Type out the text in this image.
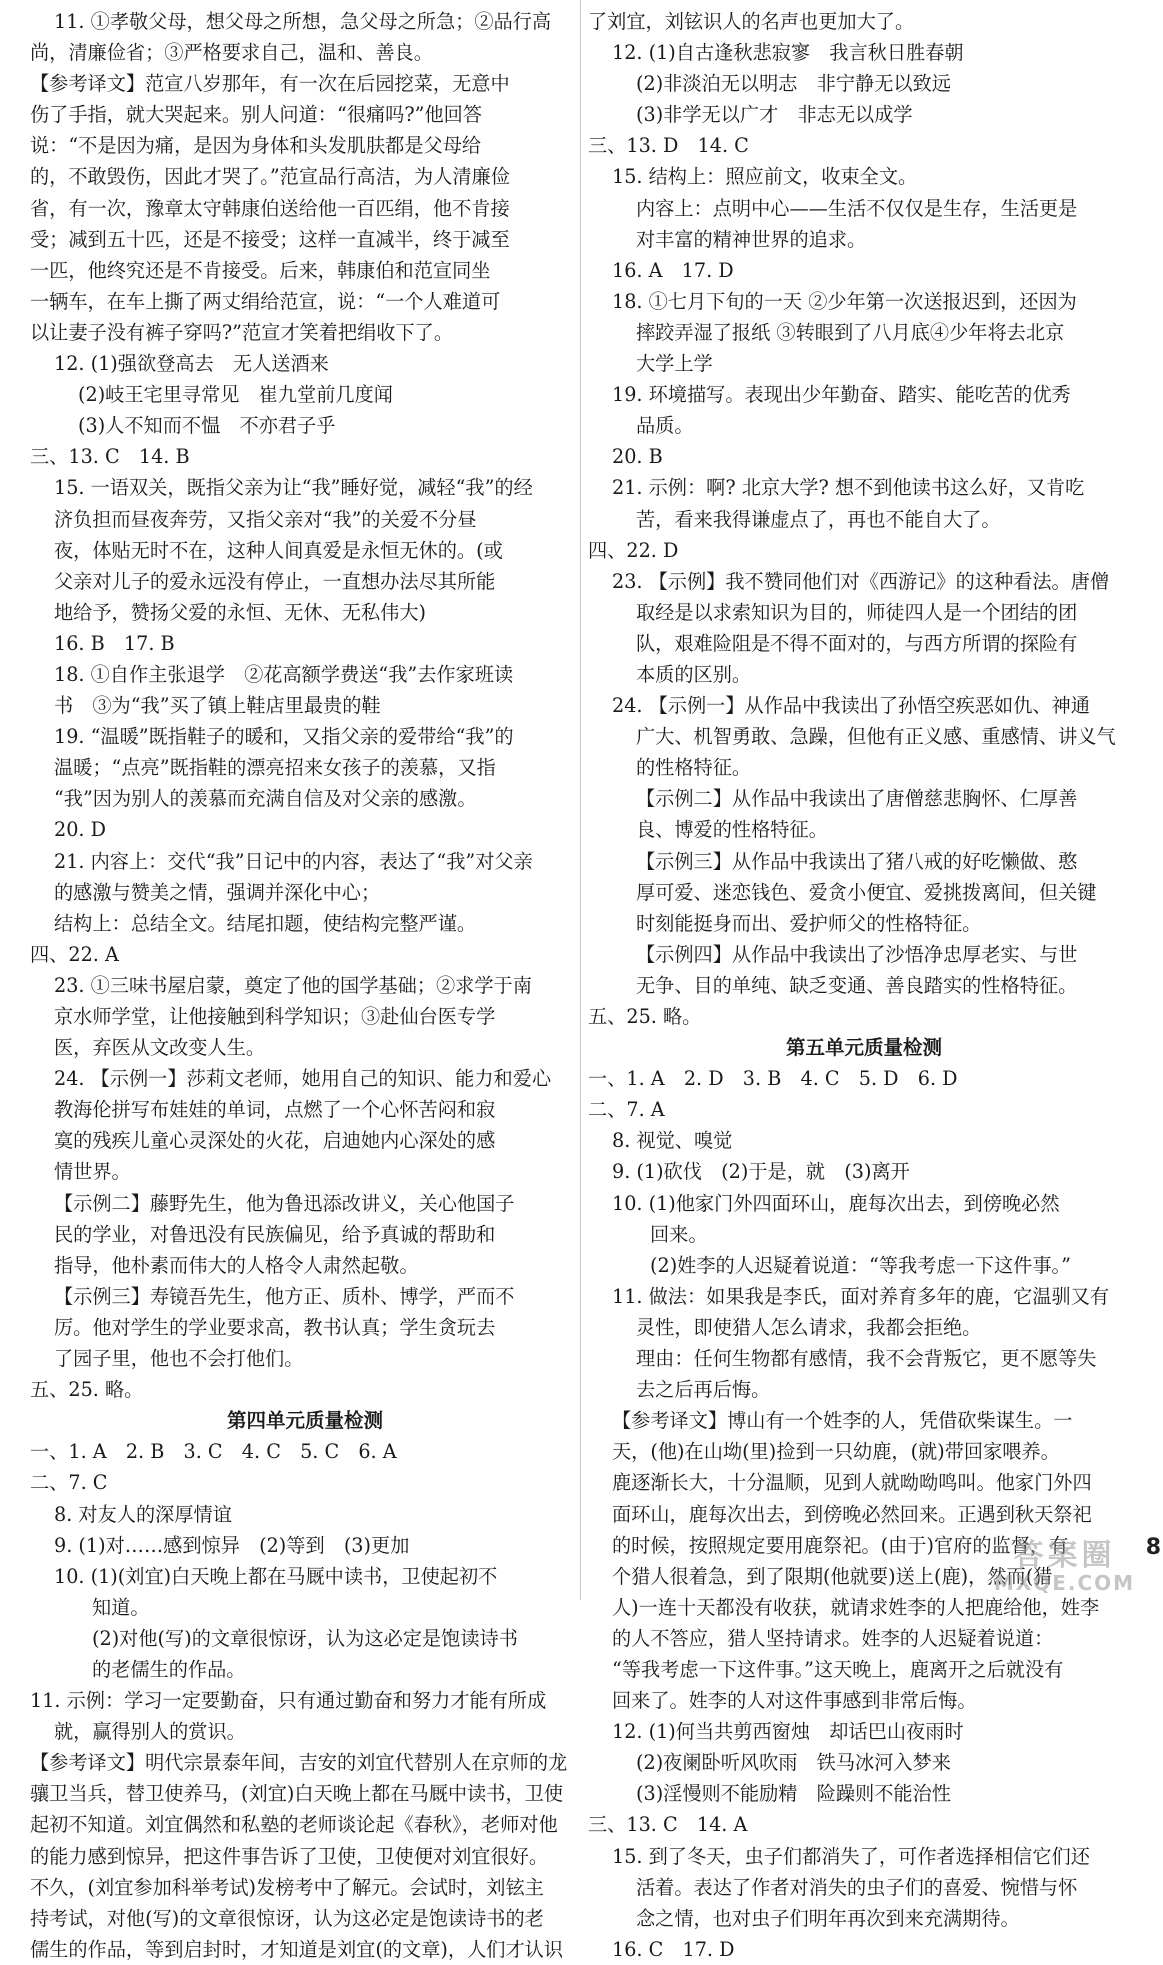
11. ①孝敬父母，想父母之所想，急父母之所急；②品行高
尚，清廉俭省；③严格要求自己，温和、善良。
【参考译文】范宣八岁那年，有一次在后园挖菜，无意中
伤了手指，就大哭起来。别人问道：“很痛吗?”他回答
说：“不是因为痛，是因为身体和头发肌肤都是父母给
的，不敢毁伤，因此才哭了。”范宣品行高洁，为人清廉俭
省，有一次，豫章太守韩康伯送给他一百匹绢，他不肯接
受；减到五十匹，还是不接受；这样一直减半，终于减至
一匹，他终究还是不肯接受。后来，韩康伯和范宣同坐
一辆车，在车上撕了两丈绢给范宣，说：“一个人难道可
以让妻子没有裤子穿吗?”范宣才笑着把绢收下了。
12. (1)强欲登高去　无人送酒来
(2)岐王宅里寻常见　崔九堂前几度闻
(3)人不知而不愠　不亦君子乎
三、13. C　14. B
15. 一语双关，既指父亲为让“我”睡好觉，减轻“我”的经
济负担而昼夜奔劳，又指父亲对“我”的关爱不分昼
夜，体贴无时不在，这种人间真爱是永恒无休的。(或
父亲对儿子的爱永远没有停止，一直想办法尽其所能
地给予，赞扬父爱的永恒、无休、无私伟大)
16. B　17. B
18. ①自作主张退学　②花高额学费送“我”去作家班读
书　③为“我”买了镇上鞋店里最贵的鞋
19. “温暖”既指鞋子的暖和，又指父亲的爱带给“我”的
温暖；“点亮”既指鞋的漂亮招来女孩子的羡慕，又指
“我”因为别人的羡慕而充满自信及对父亲的感激。
20. D
21. 内容上：交代“我”日记中的内容，表达了“我”对父亲
的感激与赞美之情，强调并深化中心；
结构上：总结全文。结尾扣题，使结构完整严谨。
四、22. A
23. ①三味书屋启蒙，奠定了他的国学基础；②求学于南
京水师学堂，让他接触到科学知识；③赴仙台医专学
医，弃医从文改变人生。
24. 【示例一】莎莉文老师，她用自己的知识、能力和爱心
教海伦拼写布娃娃的单词，点燃了一个心怀苦闷和寂
寞的残疾儿童心灵深处的火花，启迪她内心深处的感
情世界。
【示例二】藤野先生，他为鲁迅添改讲义，关心他国子
民的学业，对鲁迅没有民族偏见，给予真诚的帮助和
指导，他朴素而伟大的人格令人肃然起敬。
【示例三】寿镜吾先生，他方正、质朴、博学，严而不
厉。他对学生的学业要求高，教书认真；学生贪玩去
了园子里，他也不会打他们。
五、25. 略。
第四单元质量检测
一、1. A　2. B　3. C　4. C　5. C　6. A
二、7. C
8. 对友人的深厚情谊
9. (1)对……感到惊异　(2)等到　(3)更加
10. (1)(刘宜)白天晚上都在马厩中读书，卫使起初不
知道。
(2)对他(写)的文章很惊讶，认为这必定是饱读诗书
的老儒生的作品。
11. 示例：学习一定要勤奋，只有通过勤奋和努力才能有所成
就，赢得别人的赏识。
【参考译文】明代宗景泰年间，吉安的刘宜代替别人在京师的龙
骧卫当兵，替卫使养马，(刘宜)白天晚上都在马厩中读书，卫使
起初不知道。刘宜偶然和私塾的老师谈论起《春秋》，老师对他
的能力感到惊异，把这件事告诉了卫使，卫使便对刘宜很好。
不久，(刘宜参加科举考试)发榜考中了解元。会试时，刘铉主
持考试，对他(写)的文章很惊讶，认为这必定是饱读诗书的老
儒生的作品，等到启封时，才知道是刘宜(的文章)，人们才认识
了刘宜，刘铉识人的名声也更加大了。
12. (1)自古逢秋悲寂寥　我言秋日胜春朝
(2)非淡泊无以明志　非宁静无以致远
(3)非学无以广才　非志无以成学
三、13. D　14. C
15. 结构上：照应前文，收束全文。
内容上：点明中心——生活不仅仅是生存，生活更是
对丰富的精神世界的追求。
16. A　17. D
18. ①七月下旬的一天 ②少年第一次送报迟到，还因为
摔跤弄湿了报纸 ③转眼到了八月底④少年将去北京
大学上学
19. 环境描写。表现出少年勤奋、踏实、能吃苦的优秀
品质。
20. B
21. 示例：啊? 北京大学? 想不到他读书这么好，又肯吃
苦，看来我得谦虚点了，再也不能自大了。
四、22. D
23. 【示例】我不赞同他们对《西游记》的这种看法。唐僧
取经是以求索知识为目的，师徒四人是一个团结的团
队，艰难险阻是不得不面对的，与西方所谓的探险有
本质的区别。
24. 【示例一】从作品中我读出了孙悟空疾恶如仇、神通
广大、机智勇敢、急躁，但他有正义感、重感情、讲义气
的性格特征。
【示例二】从作品中我读出了唐僧慈悲胸怀、仁厚善
良、博爱的性格特征。
【示例三】从作品中我读出了猪八戒的好吃懒做、憨
厚可爱、迷恋钱色、爱贪小便宜、爱挑拨离间，但关键
时刻能挺身而出、爱护师父的性格特征。
【示例四】从作品中我读出了沙悟净忠厚老实、与世
无争、目的单纯、缺乏变通、善良踏实的性格特征。
五、25. 略。
第五单元质量检测
一、1. A　2. D　3. B　4. C　5. D　6. D
二、7. A
8. 视觉、嗅觉
9. (1)砍伐　(2)于是，就　(3)离开
10. (1)他家门外四面环山，鹿每次出去，到傍晚必然
回来。
(2)姓李的人迟疑着说道：“等我考虑一下这件事。”
11. 做法：如果我是李氏，面对养育多年的鹿，它温驯又有
灵性，即使猎人怎么请求，我都会拒绝。
理由：任何生物都有感情，我不会背叛它，更不愿等失
去之后再后悔。
【参考译文】博山有一个姓李的人，凭借砍柴谋生。一
天，(他)在山坳(里)捡到一只幼鹿，(就)带回家喂养。
鹿逐渐长大，十分温顺，见到人就呦呦鸣叫。他家门外四
面环山，鹿每次出去，到傍晚必然回来。正遇到秋天祭祀
的时候，按照规定要用鹿祭祀。(由于)官府的监督，有
个猎人很着急，到了限期(他就要)送上(鹿)，然而(猎
人)一连十天都没有收获，就请求姓李的人把鹿给他，姓李
的人不答应，猎人坚持请求。姓李的人迟疑着说道：
“等我考虑一下这件事。”这天晚上，鹿离开之后就没有
回来了。姓李的人对这件事感到非常后悔。
12. (1)何当共剪西窗烛　却话巴山夜雨时
(2)夜阑卧听风吹雨　铁马冰河入梦来
(3)淫慢则不能励精　险躁则不能治性
三、13. C　14. A
15. 到了冬天，虫子们都消失了，可作者选择相信它们还
活着。表达了作者对消失的虫子们的喜爱、惋惜与怀
念之情，也对虫子们明年再次到来充满期待。
16. C　17. D
8
答案圈
MXQE.COM
